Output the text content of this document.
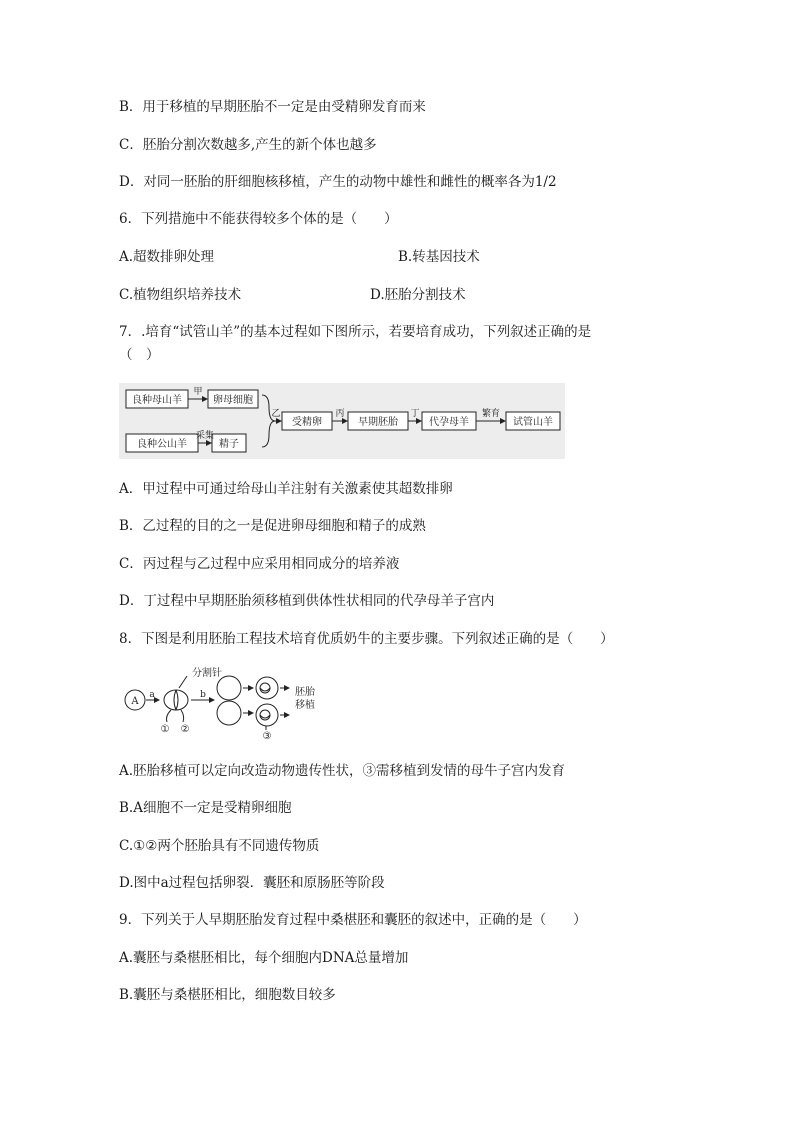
B．用于移植的早期胚胎不一定是由受精卵发育而来
C．胚胎分割次数越多,产生的新个体也越多
D．对同一胚胎的肝细胞核移植，产生的动物中雄性和雌性的概率各为1/2
6．下列措施中不能获得较多个体的是（　　）
A.超数排卵处理	B.转基因技术
C.植物组织培养技术	D.胚胎分割技术
7．.培育“试管山羊”的基本过程如下图所示，若要培育成功，下列叙述正确的是
（　）
良种母山羊
甲
卵母细胞
良种公山羊
采集
精子
乙
受精卵
丙
早期胚胎
丁
代孕母羊
繁育
试管山羊
A．甲过程中可通过给母山羊注射有关激素使其超数排卵
B．乙过程的目的之一是促进卵母细胞和精子的成熟
C．丙过程与乙过程中应采用相同成分的培养液
D．丁过程中早期胚胎须移植到供体性状相同的代孕母羊子宫内
8．下图是利用胚胎工程技术培育优质奶牛的主要步骤。下列叙述正确的是（　　）
A
a	b
分割针
① ②
③
胚胎
移植
A.胚胎移植可以定向改造动物遗传性状，③需移植到发情的母牛子宫内发育
B.A细胞不一定是受精卵细胞
C.①②两个胚胎具有不同遗传物质
D.图中a过程包括卵裂．囊胚和原肠胚等阶段
9．下列关于人早期胚胎发育过程中桑椹胚和囊胚的叙述中，正确的是（　　）
A.囊胚与桑椹胚相比，每个细胞内DNA总量增加
B.囊胚与桑椹胚相比，细胞数目较多
